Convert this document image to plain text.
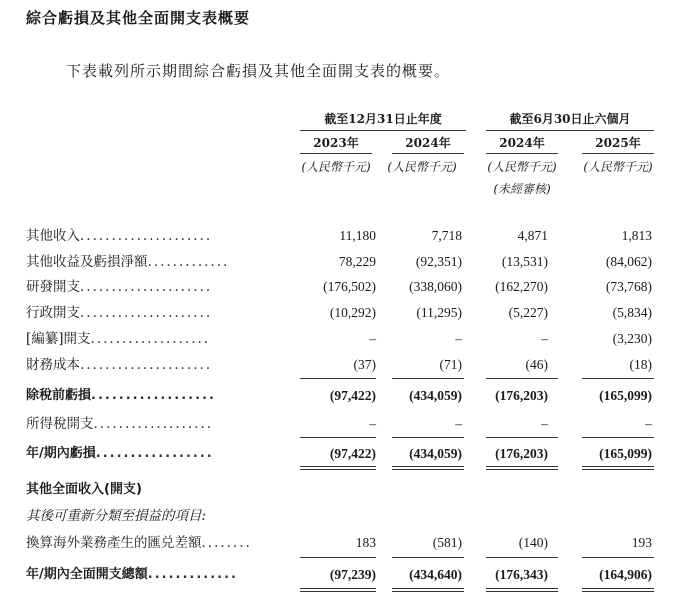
綜合虧損及其他全面開支表概要
下表載列所示期間綜合虧損及其他全面開支表的概要。
截至12月31日止年度	截至6月30日止六個月
2023年	2024年	2024年	2025年
(人民幣千元)	(人民幣千元)	(人民幣千元)	(人民幣千元)
(未經審核)
其他收入.....................	11,180	7,718	4,871	1,813
其他收益及虧損淨額.............	78,229	(92,351)	(13,531)	(84,062)
研發開支.....................	(176,502)	(338,060)	(162,270)	(73,768)
行政開支.....................	(10,292)	(11,295)	(5,227)	(5,834)
[編纂]開支...................	–	–	–	(3,230)
財務成本.....................	(37)	(71)	(46)	(18)
除稅前虧損..................	(97,422)	(434,059)	(176,203)	(165,099)
所得稅開支...................	–	–	–	–
年/期內虧損.................	(97,422)	(434,059)	(176,203)	(165,099)
其他全面收入(開支)
其後可重新分類至損益的項目:
換算海外業務產生的匯兑差額........	183	(581)	(140)	193
年/期內全面開支總額.............	(97,239)	(434,640)	(176,343)	(164,906)
